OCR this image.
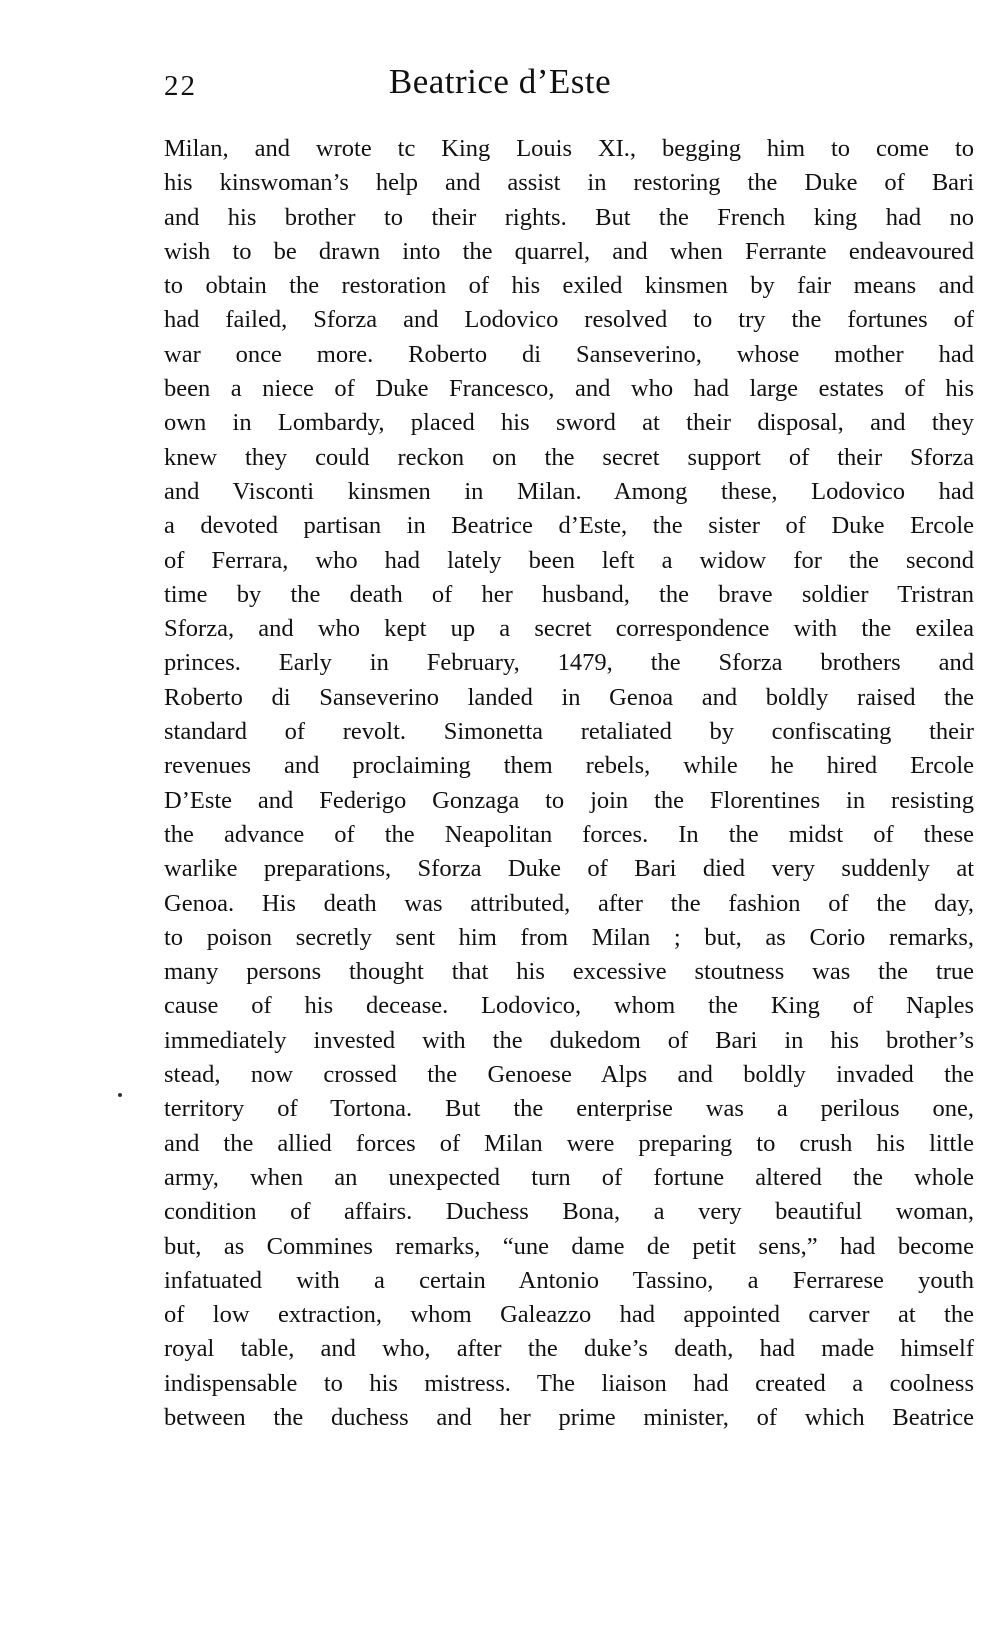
22	Beatrice d’Este
Milan, and wrote tc King Louis XI., begging him to come to
his kinswoman’s help and assist in restoring the Duke of Bari
and his brother to their rights. But the French king had no
wish to be drawn into the quarrel, and when Ferrante endeavoured
to obtain the restoration of his exiled kinsmen by fair means and
had failed, Sforza and Lodovico resolved to try the fortunes of
war once more. Roberto di Sanseverino, whose mother had
been a niece of Duke Francesco, and who had large estates of his
own in Lombardy, placed his sword at their disposal, and they
knew they could reckon on the secret support of their Sforza
and Visconti kinsmen in Milan. Among these, Lodovico had
a devoted partisan in Beatrice d’Este, the sister of Duke Ercole
of Ferrara, who had lately been left a widow for the second
time by the death of her husband, the brave soldier Tristran
Sforza, and who kept up a secret correspondence with the exilea
princes. Early in February, 1479, the Sforza brothers and
Roberto di Sanseverino landed in Genoa and boldly raised the
standard of revolt. Simonetta retaliated by confiscating their
revenues and proclaiming them rebels, while he hired Ercole
D’Este and Federigo Gonzaga to join the Florentines in resisting
the advance of the Neapolitan forces. In the midst of these
warlike preparations, Sforza Duke of Bari died very suddenly at
Genoa. His death was attributed, after the fashion of the day,
to poison secretly sent him from Milan ; but, as Corio remarks,
many persons thought that his excessive stoutness was the true
cause of his decease. Lodovico, whom the King of Naples
immediately invested with the dukedom of Bari in his brother’s
stead, now crossed the Genoese Alps and boldly invaded the
territory of Tortona. But the enterprise was a perilous one,
and the allied forces of Milan were preparing to crush his little
army, when an unexpected turn of fortune altered the whole
condition of affairs. Duchess Bona, a very beautiful woman,
but, as Commines remarks, “une dame de petit sens,” had become
infatuated with a certain Antonio Tassino, a Ferrarese youth
of low extraction, whom Galeazzo had appointed carver at the
royal table, and who, after the duke’s death, had made himself
indispensable to his mistress. The liaison had created a coolness
between the duchess and her prime minister, of which Beatrice
